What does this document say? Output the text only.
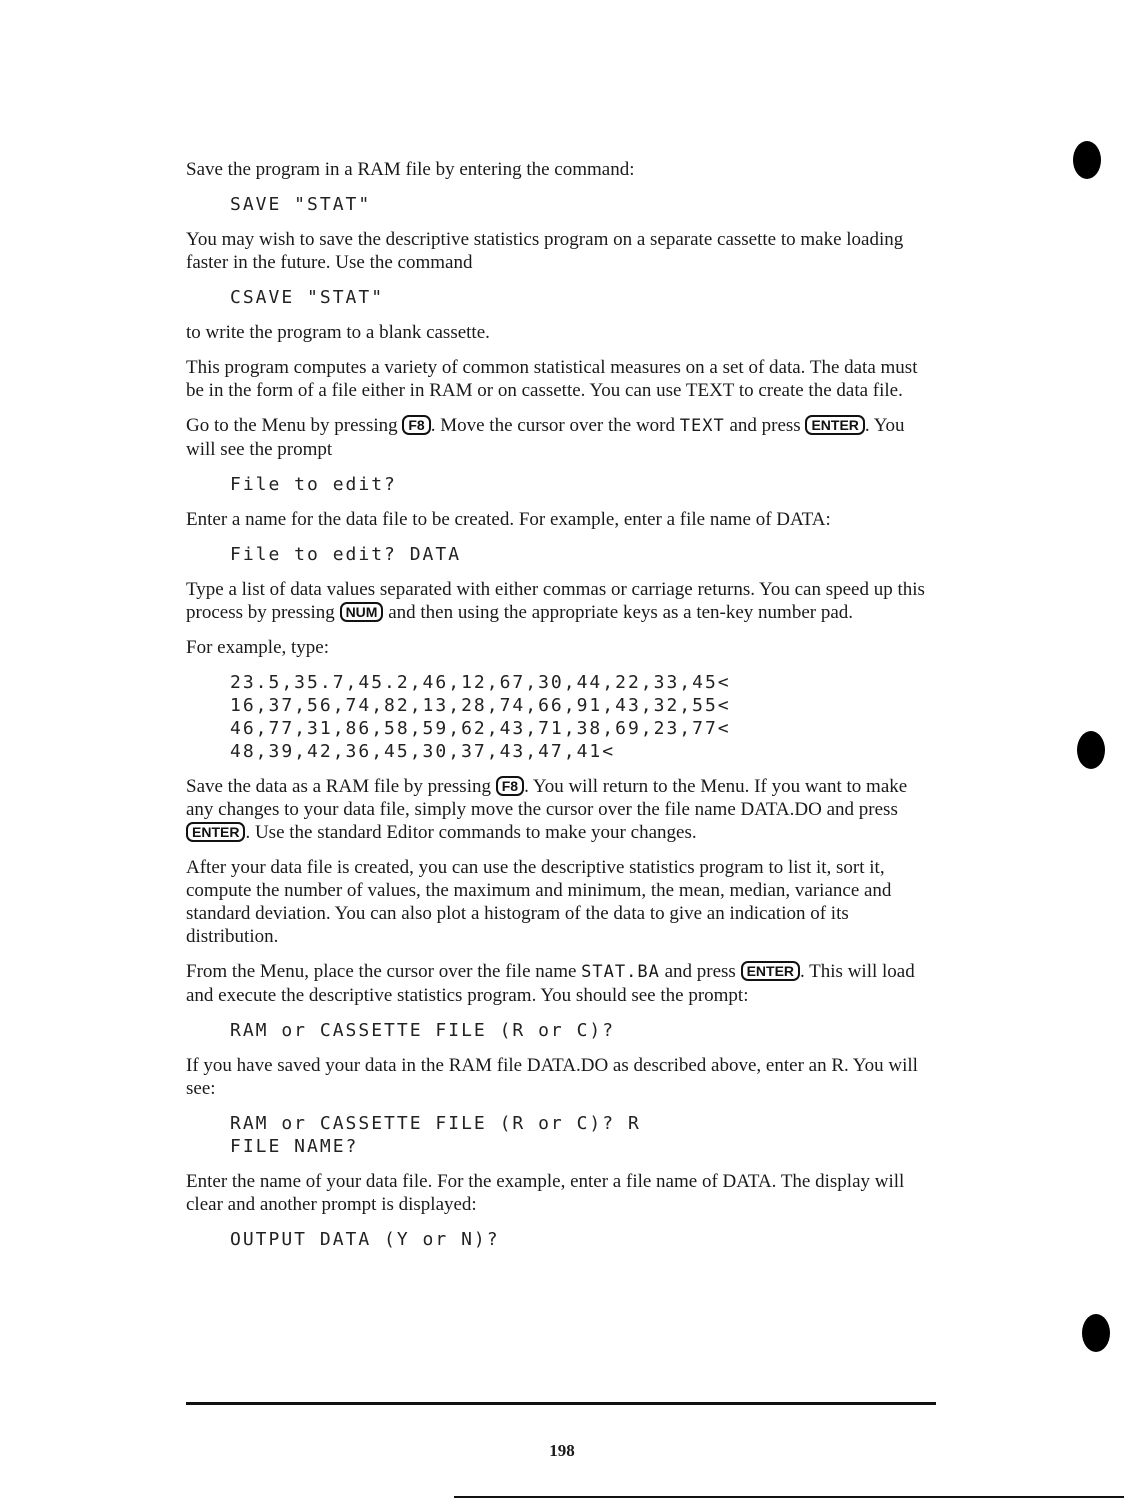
Save the program in a RAM file by entering the command:

SAVE "STAT"

You may wish to save the descriptive statistics program on a separate cassette to make loading faster in the future. Use the command

CSAVE "STAT"

to write the program to a blank cassette.

This program computes a variety of common statistical measures on a set of data. The data must be in the form of a file either in RAM or on cassette. You can use TEXT to create the data file.

Go to the Menu by pressing F8 . Move the cursor over the word TEXT and press ENTER . You will see the prompt

File to edit?

Enter a name for the data file to be created. For example, enter a file name of DATA:

File to edit? DATA

Type a list of data values separated with either commas or carriage returns. You can speed up this process by pressing NUM and then using the appropriate keys as a ten-key number pad.

For example, type:

23.5,35.7,45.2,46,12,67,30,44,22,33,45<
16,37,56,74,82,13,28,74,66,91,43,32,55<
46,77,31,86,58,59,62,43,71,38,69,23,77<
48,39,42,36,45,30,37,43,47,41<

Save the data as a RAM file by pressing F8 . You will return to the Menu. If you want to make any changes to your data file, simply move the cursor over the file name DATA.DO and press ENTER . Use the standard Editor commands to make your changes.

After your data file is created, you can use the descriptive statistics program to list it, sort it, compute the number of values, the maximum and minimum, the mean, median, variance and standard deviation. You can also plot a histogram of the data to give an indication of its distribution.

From the Menu, place the cursor over the file name STAT.BA and press ENTER . This will load and execute the descriptive statistics program. You should see the prompt:

RAM or CASSETTE FILE (R or C)?

If you have saved your data in the RAM file DATA.DO as described above, enter an R. You will see:

RAM or CASSETTE FILE (R or C)? R
FILE NAME?

Enter the name of your data file. For the example, enter a file name of DATA. The display will clear and another prompt is displayed:

OUTPUT DATA (Y or N)?
198
